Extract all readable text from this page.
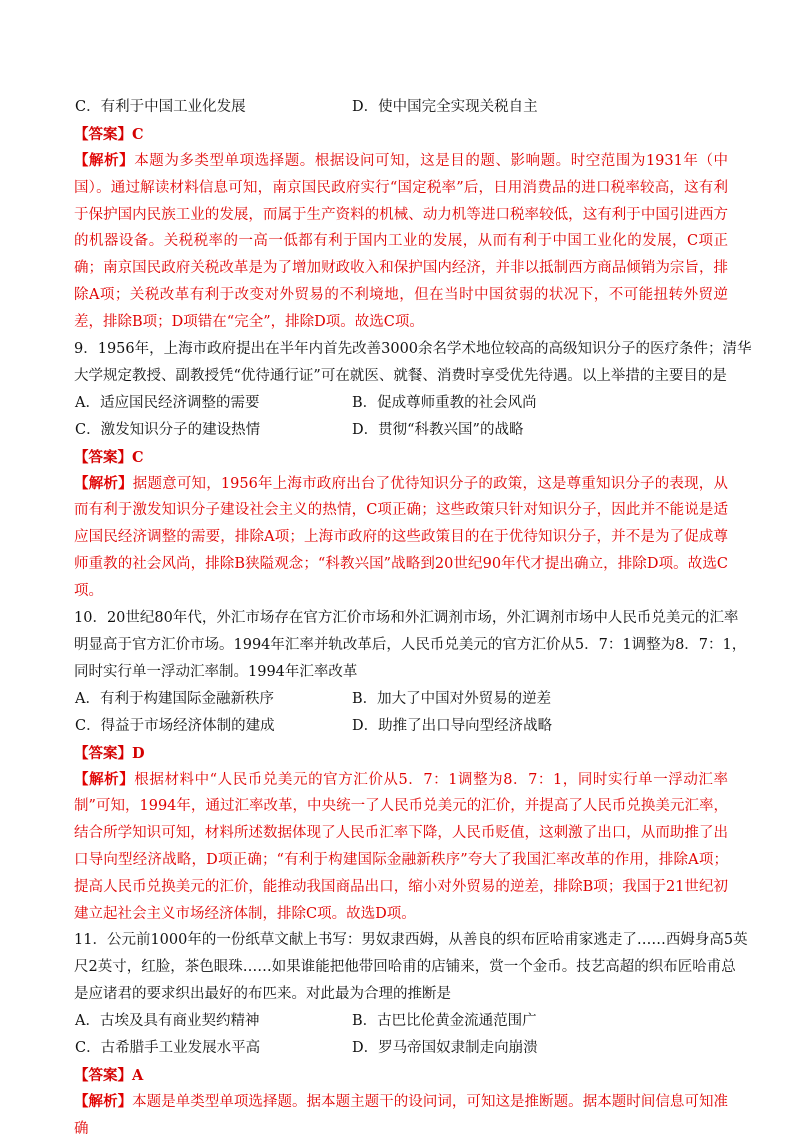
C．有利于中国工业化发展	D．使中国完全实现关税自主
【答案】C
【解析】本题为多类型单项选择题。根据设问可知，这是目的题、影响题。时空范围为1931年（中国）。通过解读材料信息可知，南京国民政府实行“国定税率”后，日用消费品的进口税率较高，这有利于保护国内民族工业的发展，而属于生产资料的机械、动力机等进口税率较低，这有利于中国引进西方的机器设备。关税税率的一高一低都有利于国内工业的发展，从而有利于中国工业化的发展，C项正确；南京国民政府关税改革是为了增加财政收入和保护国内经济，并非以抵制西方商品倾销为宗旨，排除A项；关税改革有利于改变对外贸易的不利境地，但在当时中国贫弱的状况下，不可能扭转外贸逆差，排除B项；D项错在“完全”，排除D项。故选C项。
9．1956年，上海市政府提出在半年内首先改善3000余名学术地位较高的高级知识分子的医疗条件；清华
大学规定教授、副教授凭“优待通行证”可在就医、就餐、消费时享受优先待遇。以上举措的主要目的是
A．适应国民经济调整的需要	B．促成尊师重教的社会风尚
C．激发知识分子的建设热情	D．贯彻“科教兴国”的战略
【答案】C
【解析】据题意可知，1956年上海市政府出台了优待知识分子的政策，这是尊重知识分子的表现，从而有利于激发知识分子建设社会主义的热情，C项正确；这些政策只针对知识分子，因此并不能说是适应国民经济调整的需要，排除A项；上海市政府的这些政策目的在于优待知识分子，并不是为了促成尊师重教的社会风尚，排除B狭隘观念；“科教兴国”战略到20世纪90年代才提出确立，排除D项。故选C项。
10．20世纪80年代，外汇市场存在官方汇价市场和外汇调剂市场，外汇调剂市场中人民币兑美元的汇率
明显高于官方汇价市场。1994年汇率并轨改革后，人民币兑美元的官方汇价从5．7：1调整为8．7：1，
同时实行单一浮动汇率制。1994年汇率改革
A．有利于构建国际金融新秩序	B．加大了中国对外贸易的逆差
C．得益于市场经济体制的建成	D．助推了出口导向型经济战略
【答案】D
【解析】根据材料中“人民币兑美元的官方汇价从5．7：1调整为8．7：1，同时实行单一浮动汇率制”可知，1994年，通过汇率改革，中央统一了人民币兑美元的汇价，并提高了人民币兑换美元汇率，结合所学知识可知，材料所述数据体现了人民币汇率下降，人民币贬值，这刺激了出口，从而助推了出口导向型经济战略，D项正确；“有利于构建国际金融新秩序”夸大了我国汇率改革的作用，排除A项；提高人民币兑换美元的汇价，能推动我国商品出口，缩小对外贸易的逆差，排除B项；我国于21世纪初建立起社会主义市场经济体制，排除C项。故选D项。
11．公元前1000年的一份纸草文献上书写：男奴隶西姆，从善良的织布匠哈甫家逃走了……西姆身高5英
尺2英寸，红脸，茶色眼珠……如果谁能把他带回哈甫的店铺来，赏一个金币。技艺高超的织布匠哈甫总
是应诸君的要求织出最好的布匹来。对此最为合理的推断是
A．古埃及具有商业契约精神	B．古巴比伦黄金流通范围广
C．古希腊手工业发展水平高	D．罗马帝国奴隶制走向崩溃
【答案】A
【解析】本题是单类型单项选择题。据本题主题干的设问词，可知这是推断题。据本题时间信息可知准确
